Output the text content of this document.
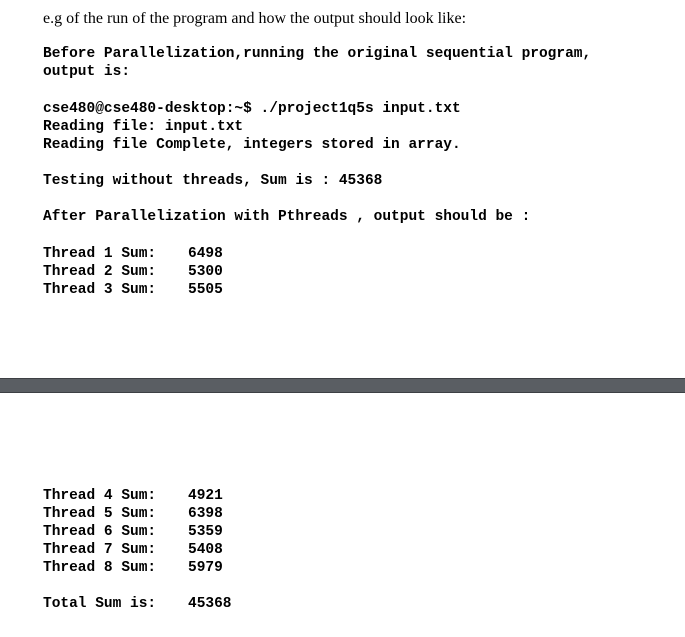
e.g of the run of the program and how the output should look like:
Before Parallelization,running the original sequential program,
output is:
cse480@cse480-desktop:~$ ./project1q5s input.txt
Reading file: input.txt
Reading file Complete, integers stored in array.
Testing without threads, Sum is : 45368
After Parallelization with Pthreads , output should be :
Thread 1 Sum: 6498
Thread 2 Sum: 5300
Thread 3 Sum: 5505
Thread 4 Sum: 4921
Thread 5 Sum: 6398
Thread 6 Sum: 5359
Thread 7 Sum: 5408
Thread 8 Sum: 5979
Total Sum is: 45368
